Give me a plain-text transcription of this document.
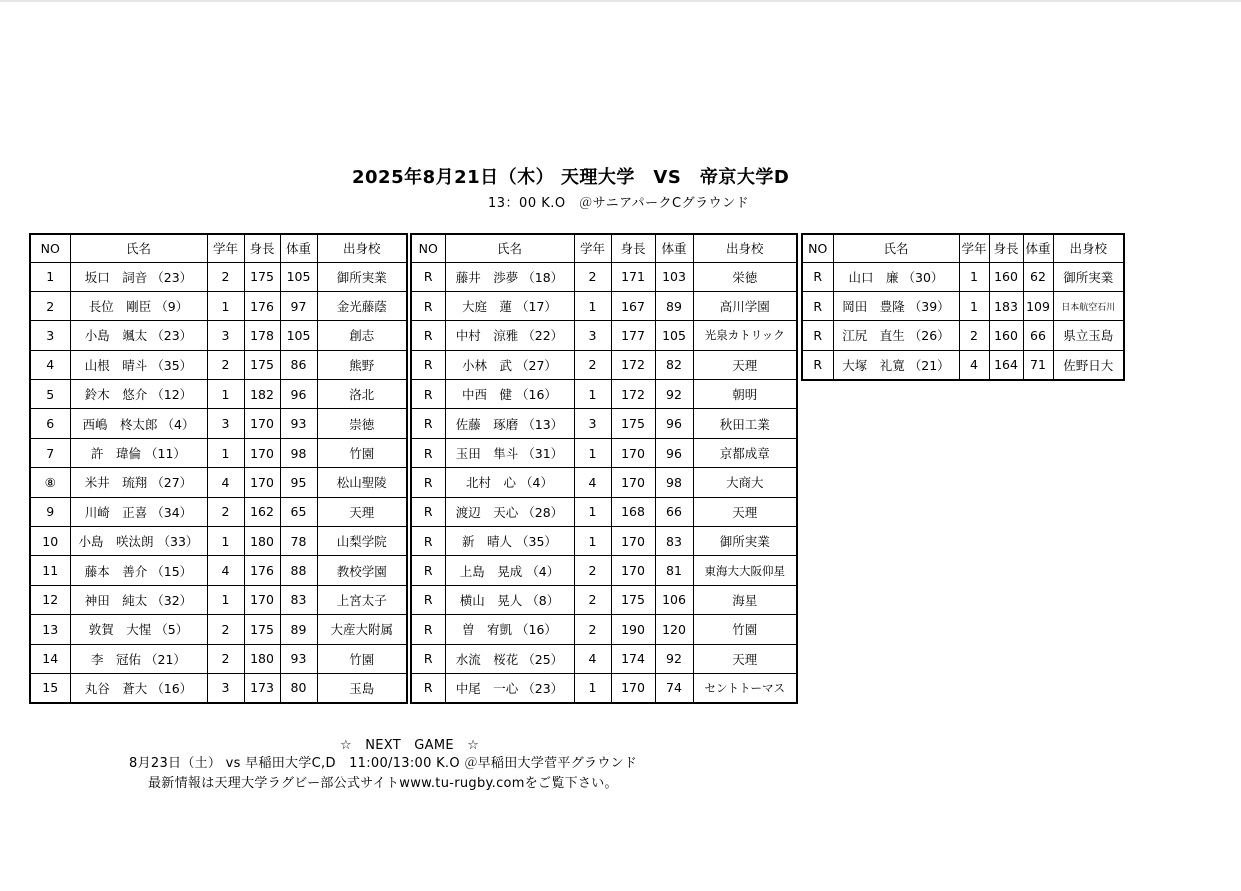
2025年8月21日（木） 天理大学　VS　帝京大学D
13：00 K.O　＠サニアパークCグラウンド
NO	氏名	学年	身長	体重	出身校
1	坂口　詞音 （23）	2	175	105	御所実業
2	長位　剛臣 （9）	1	176	97	金光藤蔭
3	小島　颯太 （23）	3	178	105	創志
4	山根　晴斗 （35）	2	175	86	熊野
5	鈴木　悠介 （12）	1	182	96	洛北
6	西嶋　柊太郎 （4）	3	170	93	崇徳
7	許　瑋倫 （11）	1	170	98	竹園
⑧	米井　琉翔 （27）	4	170	95	松山聖陵
9	川崎　正喜 （34）	2	162	65	天理
10	小島　咲汰朗 （33）	1	180	78	山梨学院
11	藤本　善介 （15）	4	176	88	教校学園
12	神田　純太 （32）	1	170	83	上宮太子
13	敦賀　大惺 （5）	2	175	89	大産大附属
14	李　冠佑 （21）	2	180	93	竹園
15	丸谷　蒼大 （16）	3	173	80	玉島
NO	氏名	学年	身長	体重	出身校
R	藤井　渉夢 （18）	2	171	103	栄徳
R	大庭　蓮 （17）	1	167	89	高川学園
R	中村　涼雅 （22）	3	177	105	光泉カトリック
R	小林　武 （27）	2	172	82	天理
R	中西　健 （16）	1	172	92	朝明
R	佐藤　琢磨 （13）	3	175	96	秋田工業
R	玉田　隼斗 （31）	1	170	96	京都成章
R	北村　心 （4）	4	170	98	大商大
R	渡辺　天心 （28）	1	168	66	天理
R	新　晴人 （35）	1	170	83	御所実業
R	上島　晃成 （4）	2	170	81	東海大大阪仰星
R	横山　晃人 （8）	2	175	106	海星
R	曽　宥凱 （16）	2	190	120	竹園
R	水流　桜花 （25）	4	174	92	天理
R	中尾　一心 （23）	1	170	74	セントトーマス
NO	氏名	学年	身長	体重	出身校
R	山口　廉 （30）	1	160	62	御所実業
R	岡田　豊隆 （39）	1	183	109	日本航空石川
R	江尻　直生 （26）	2	160	66	県立玉島
R	大塚　礼寛 （21）	4	164	71	佐野日大
☆　NEXT　GAME　☆
8月23日（土） vs 早稲田大学C,D　11:00/13:00 K.O ＠早稲田大学菅平グラウンド
最新情報は天理大学ラグビー部公式サイトwww.tu-rugby.comをご覧下さい。
